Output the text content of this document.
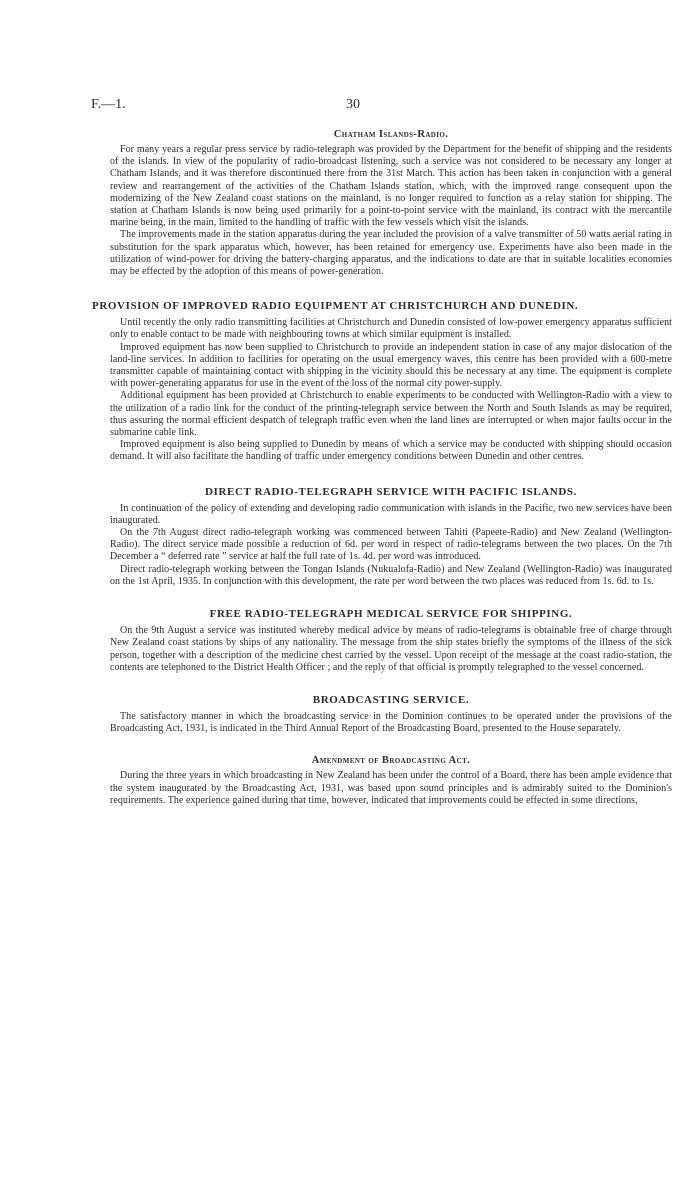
F.—1.	30
Chatham Islands-Radio.

For many years a regular press service by radio-telegraph was provided by the Department for the benefit of shipping and the residents of the islands. In view of the popularity of radio-broadcast listening, such a service was not considered to be necessary any longer at Chatham Islands, and it was therefore discontinued there from the 31st March. This action has been taken in conjunction with a general review and rearrangement of the activities of the Chatham Islands station, which, with the improved range consequent upon the modernizing of the New Zealand coast stations on the mainland, is no longer required to function as a relay station for shipping. The station at Chatham Islands is now being used primarily for a point-to-point service with the mainland, its contract with the mercantile marine being, in the main, limited to the handling of traffic with the few vessels which visit the islands.

The improvements made in the station apparatus during the year included the provision of a valve transmitter of 50 watts aerial rating in substitution for the spark apparatus which, however, has been retained for emergency use. Experiments have also been made in the utilization of wind-power for driving the battery-charging apparatus, and the indications to date are that in suitable localities economies may be effected by the adoption of this means of power-generation.

PROVISION OF IMPROVED RADIO EQUIPMENT AT CHRISTCHURCH AND DUNEDIN.

Until recently the only radio transmitting facilities at Christchurch and Dunedin consisted of low-power emergency apparatus sufficient only to enable contact to be made with neighbouring towns at which similar equipment is installed.

Improved equipment has now been supplied to Christchurch to provide an independent station in case of any major dislocation of the land-line services. In addition to facilities for operating on the usual emergency waves, this centre has been provided with a 600-metre transmitter capable of maintaining contact with shipping in the vicinity should this be necessary at any time. The equipment is complete with power-generating apparatus for use in the event of the loss of the normal city power-supply.

Additional equipment has been provided at Christchurch to enable experiments to be conducted with Wellington-Radio with a view to the utilization of a radio link for the conduct of the printing-telegraph service between the North and South Islands as may be required, thus assuring the normal efficient despatch of telegraph traffic even when the land lines are interrupted or when major faults occur in the submarine cable link.

Improved equipment is also being supplied to Dunedin by means of which a service may be conducted with shipping should occasion demand. It will also facilitate the handling of traffic under emergency conditions between Dunedin and other centres.

DIRECT RADIO-TELEGRAPH SERVICE WITH PACIFIC ISLANDS.

In continuation of the policy of extending and developing radio communication with islands in the Pacific, two new services have been inaugurated.

On the 7th August direct radio-telegraph working was commenced between Tahiti (Papeete-Radio) and New Zealand (Wellington-Radio). The direct service made possible a reduction of 6d. per word in respect of radio-telegrams between the two places. On the 7th December a “ deferred rate ” service at half the full rate of 1s. 4d. per word was introduced.

Direct radio-telegraph working between the Tongan Islands (Nukualofa-Radio) and New Zealand (Wellington-Radio) was inaugurated on the 1st April, 1935. In conjunction with this development, the rate per word between the two places was reduced from 1s. 6d. to 1s.

FREE RADIO-TELEGRAPH MEDICAL SERVICE FOR SHIPPING.

On the 9th August a service was instituted whereby medical advice by means of radio-telegrams is obtainable free of charge through New Zealand coast stations by ships of any nationality. The message from the ship states briefly the symptoms of the illness of the sick person, together with a description of the medicine chest carried by the vessel. Upon receipt of the message at the coast radio-station, the contents are telephoned to the District Health Officer ; and the reply of that official is promptly telegraphed to the vessel concerned.

BROADCASTING SERVICE.

The satisfactory manner in which the broadcasting service in the Dominion continues to be operated under the provisions of the Broadcasting Act, 1931, is indicated in the Third Annual Report of the Broadcasting Board, presented to the House separately.

Amendment of Broadcasting Act.

During the three years in which broadcasting in New Zealand has been under the control of a Board, there has been ample evidence that the system inaugurated by the Broadcasting Act, 1931, was based upon sound principles and is admirably suited to the Dominion's requirements. The experience gained during that time, however, indicated that improvements could be effected in some directions,
